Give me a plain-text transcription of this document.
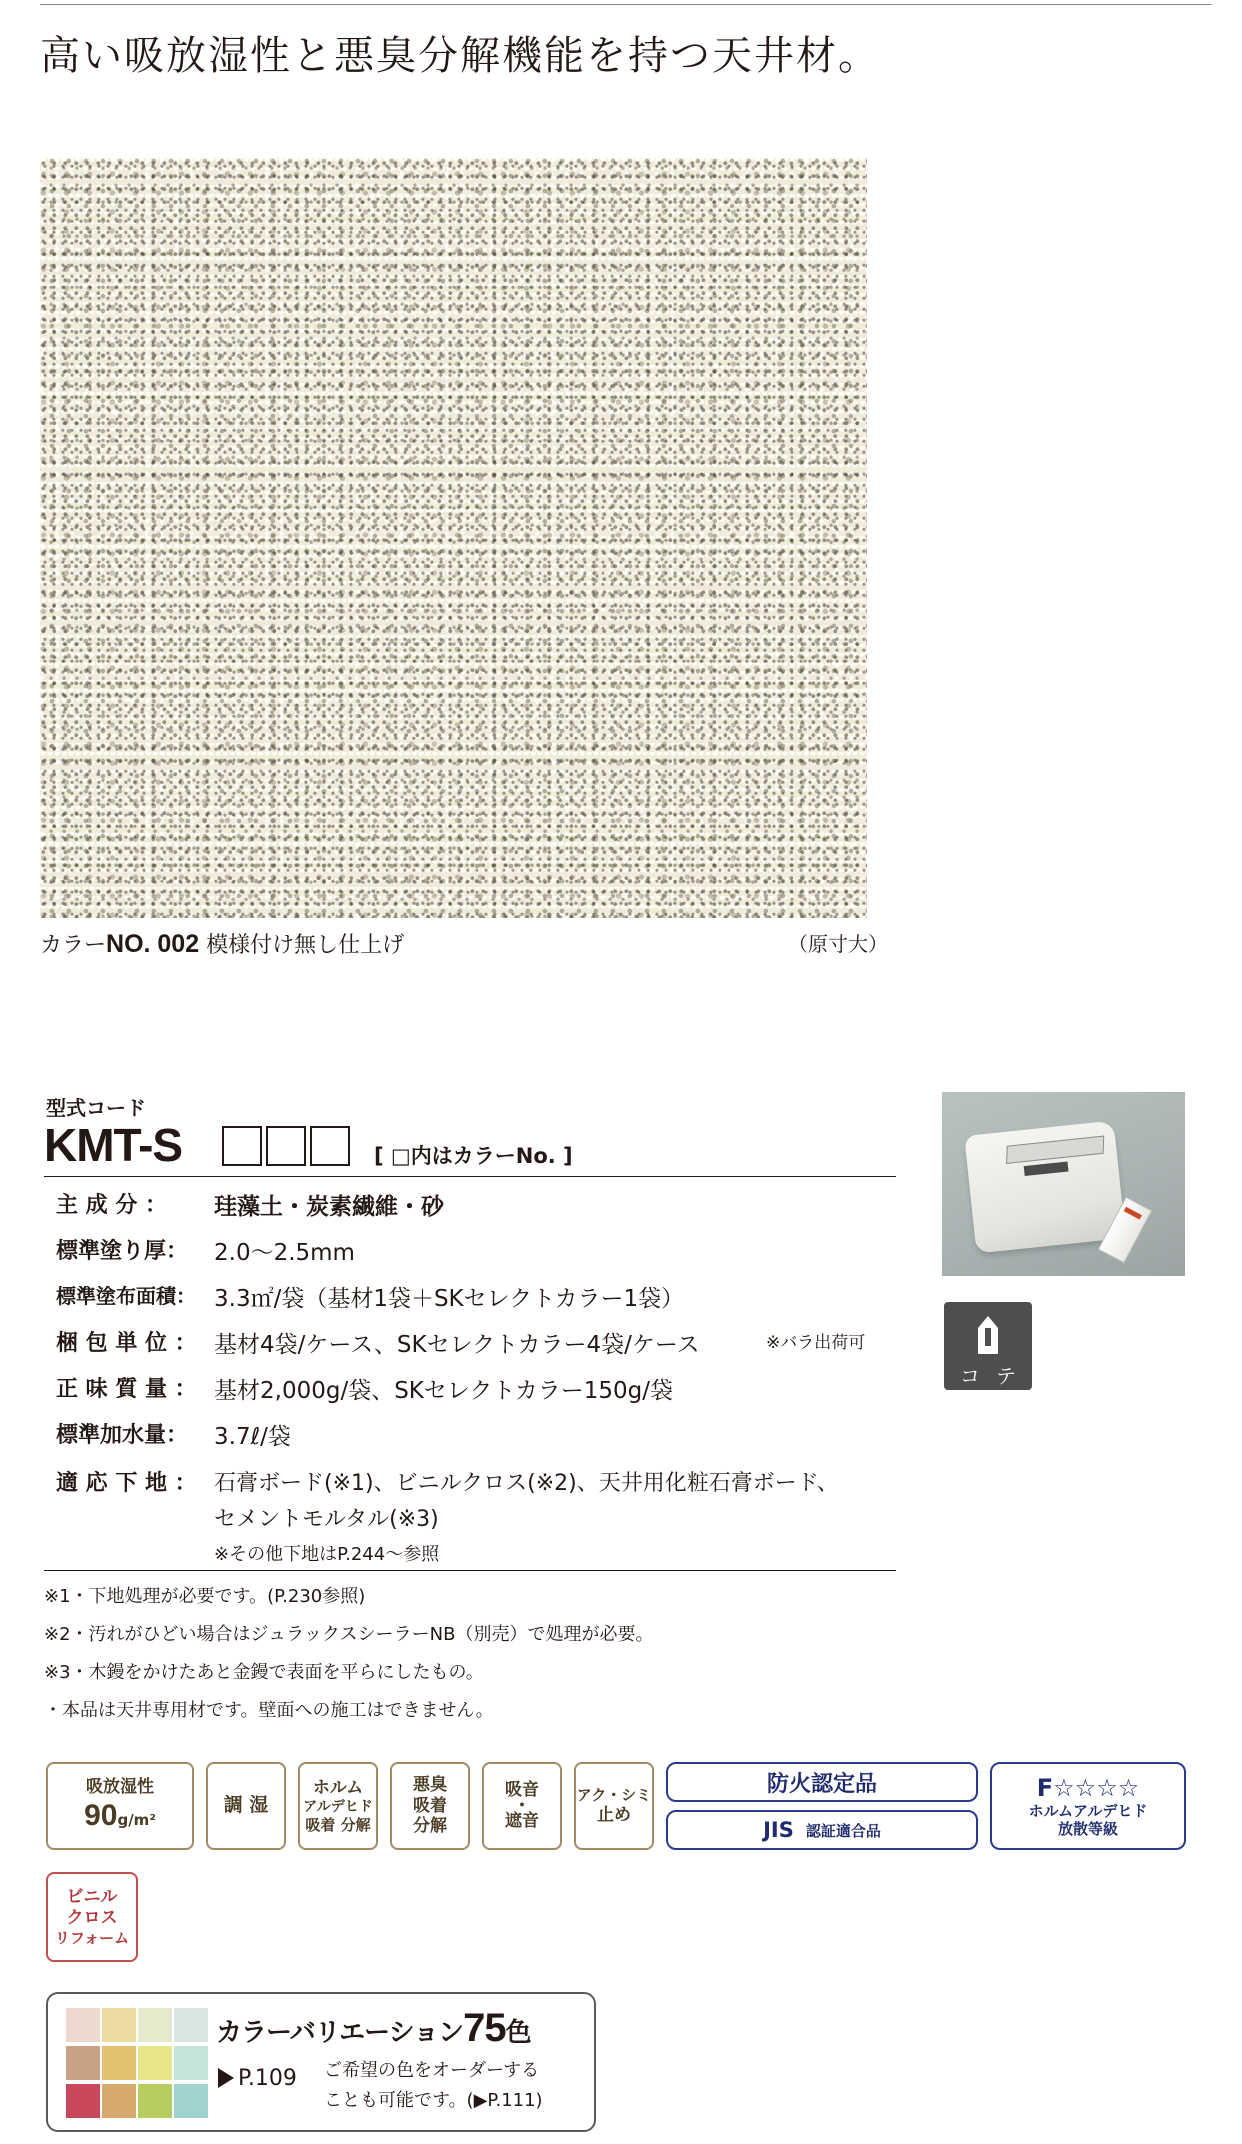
高い吸放湿性と悪臭分解機能を持つ天井材。
カラーNO. 002 模様付け無し仕上げ	（原寸大）
型式コード
KMT-S	[ □内はカラーNo. ]
主 成 分 ：	珪藻土・炭素繊維・砂
標準塗り厚：	2.0〜2.5mm
標準塗布面積： 3.3㎡/袋（基材1袋＋SKセレクトカラー1袋）
梱 包 単 位 ： 基材4袋/ケース、SKセレクトカラー4袋/ケース	※バラ出荷可
正 味 質 量 ： 基材2,000g/袋、SKセレクトカラー150g/袋
標準加水量：	3.7ℓ/袋
適 応 下 地 ： 石膏ボード(※1)、ビニルクロス(※2)、天井用化粧石膏ボード、
セメントモルタル(※3)
※その他下地はP.244〜参照
※1・下地処理が必要です。(P.230参照)
※2・汚れがひどい場合はジュラックスシーラーNB（別売）で処理が必要。
※3・木鏝をかけたあと金鏝で表面を平らにしたもの。
・本品は天井専用材です。壁面への施工はできません。
コテ
吸放湿性
90g/m²
調 湿
ホルム
アルデヒド
吸着 分解
悪臭
吸着
分解
吸音
・
遮音
アク・シミ
止め
防火認定品
JIS 認証適合品
F☆☆☆☆
ホルムアルデヒド
放散等級
ビニル
クロス
リフォーム
カラーバリエーション75色
P.109 ご希望の色をオーダーする
ことも可能です。(▶P.111)
